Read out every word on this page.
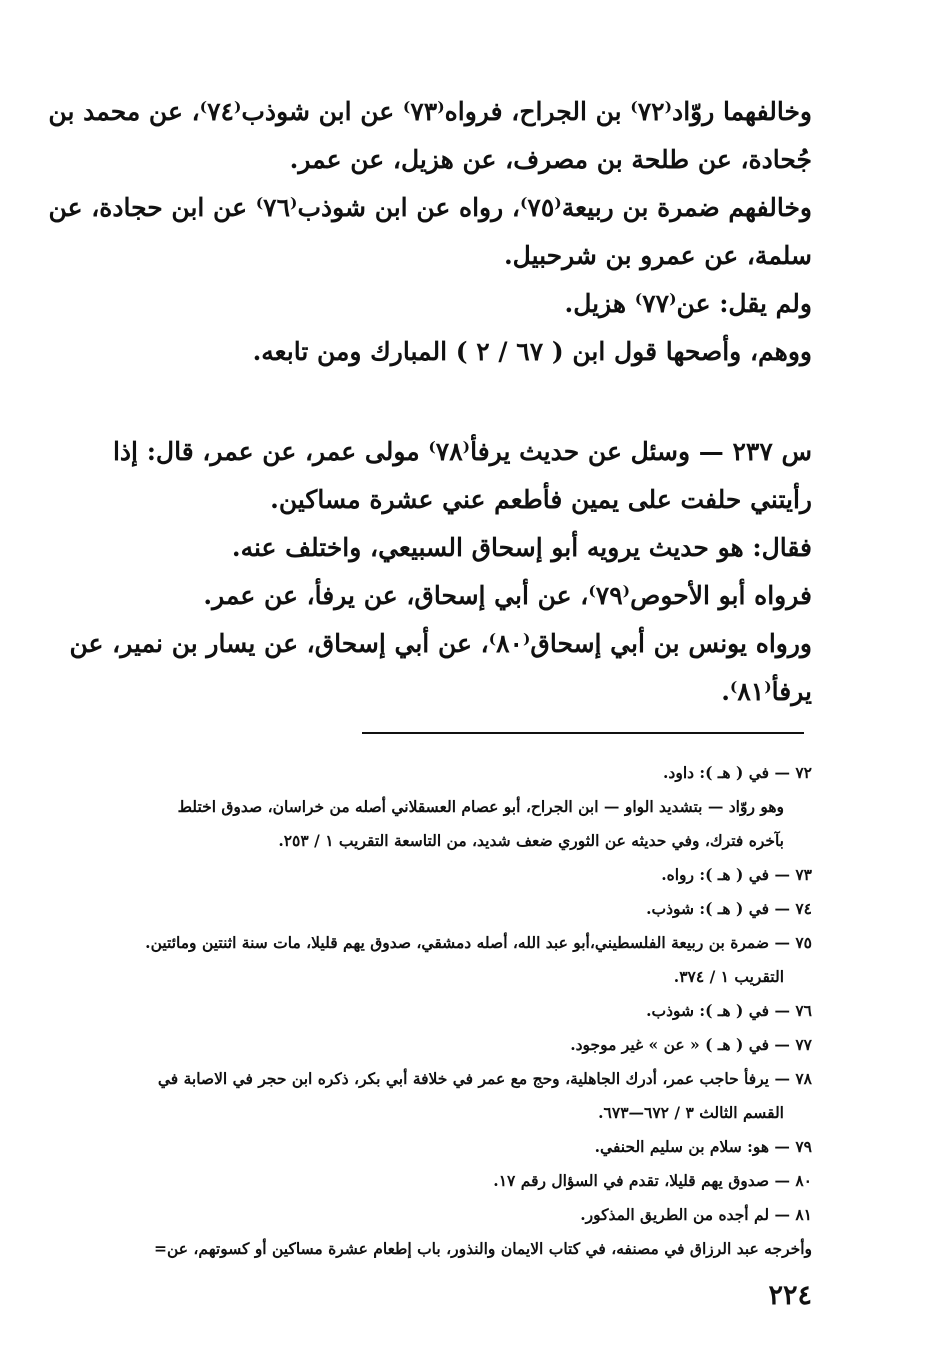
وخالفهما روّاد⁽٧٢⁾ بن الجراح، فرواه⁽٧٣⁾ عن ابن شوذب⁽٧٤⁾، عن محمد بن

جُحادة، عن طلحة بن مصرف، عن هزيل، عن عمر.

وخالفهم ضمرة بن ربيعة⁽٧٥⁾، رواه عن ابن شوذب⁽٧٦⁾ عن ابن حجادة، عن

سلمة، عن عمرو بن شرحبيل.

ولم يقل: عن⁽٧٧⁾ هزيل.

ووهم، وأصحها قول ابن ( ٦٧ / ٢ ) المبارك ومن تابعه.

س ٢٣٧ — وسئل عن حديث يرفأ⁽٧٨⁾ مولى عمر، عن عمر، قال: إذا

رأيتني حلفت على يمين فأطعم عني عشرة مساكين.

فقال: هو حديث يرويه أبو إسحاق السبيعي، واختلف عنه.

فرواه أبو الأحوص⁽٧٩⁾، عن أبي إسحاق، عن يرفأ، عن عمر.

ورواه يونس بن أبي إسحاق⁽٨٠⁾، عن أبي إسحاق، عن يسار بن نمير، عن

يرفأ⁽٨١⁾.

٧٢ — في ( هـ ): داود.

وهو روّاد — بتشديد الواو — ابن الجراح، أبو عصام العسقلاني أصله من خراسان، صدوق اختلط

بآخره فترك، وفي حديثه عن الثوري ضعف شديد، من التاسعة التقريب ١ / ٢٥٣.

٧٣ — في ( هـ ): رواه.

٧٤ — في ( هـ ): شوذب.

٧٥ — ضمرة بن ربيعة الفلسطيني،أبو عبد الله، أصله دمشقي، صدوق يهم قليلا، مات سنة اثنتين ومائتين.

التقريب ١ / ٣٧٤.

٧٦ — في ( هـ ): شوذب.

٧٧ — في ( هـ ) « عن » غير موجود.

٧٨ — يرفأ حاجب عمر، أدرك الجاهلية، وحج مع عمر في خلافة أبي بكر، ذكره ابن حجر في الاصابة في

القسم الثالث ٣ / ٦٧٢—٦٧٣.

٧٩ — هو: سلام بن سليم الحنفي.

٨٠ — صدوق يهم قليلا، تقدم في السؤال رقم ١٧.

٨١ — لم أجده من الطريق المذكور.

وأخرجه عبد الرزاق في مصنفه، في كتاب الايمان والنذور، باب إطعام عشرة مساكين أو كسوتهم، عن=

٢٢٤
